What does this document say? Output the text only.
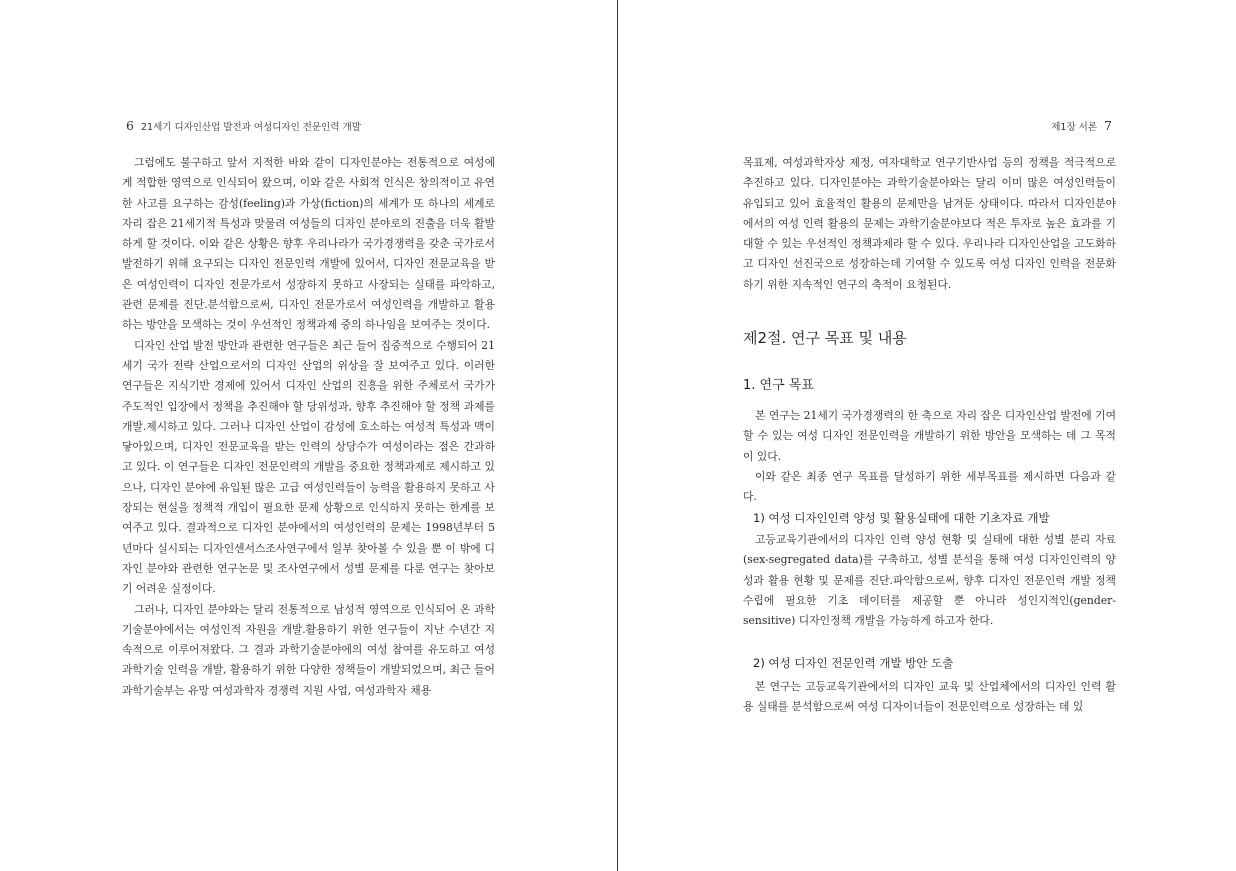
6 21세기 디자인산업 발전과 여성디자인 전문인력 개발

그럼에도 불구하고 앞서 지적한 바와 같이 디자인분야는 전통적으로 여성에게 적합한 영역으로 인식되어 왔으며, 이와 같은 사회적 인식은 창의적이고 유연한 사고를 요구하는 감성(feeling)과 가상(fiction)의 세계가 또 하나의 세계로 자리 잡은 21세기적 특성과 맞물려 여성들의 디자인 분야로의 진출을 더욱 활발하게 할 것이다. 이와 같은 상황은 향후 우리나라가 국가경쟁력을 갖춘 국가로서 발전하기 위해 요구되는 디자인 전문인력 개발에 있어서, 디자인 전문교육을 받은 여성인력이 디자인 전문가로서 성장하지 못하고 사장되는 실태를 파악하고, 관련 문제를 진단.분석함으로써, 디자인 전문가로서 여성인력을 개발하고 활용하는 방안을 모색하는 것이 우선적인 정책과제 중의 하나임을 보여주는 것이다.

디자인 산업 발전 방안과 관련한 연구들은 최근 들어 집중적으로 수행되어 21세기 국가 전략 산업으로서의 디자인 산업의 위상을 잘 보여주고 있다. 이러한 연구들은 지식기반 경제에 있어서 디자인 산업의 진흥을 위한 주체로서 국가가 주도적인 입장에서 정책을 추진해야 할 당위성과, 향후 추진해야 할 정책 과제를 개발.제시하고 있다. 그러나 디자인 산업이 감성에 호소하는 여성적 특성과 맥이 닿아있으며, 디자인 전문교육을 받는 인력의 상당수가 여성이라는 점은 간과하고 있다. 이 연구들은 디자인 전문인력의 개발을 중요한 정책과제로 제시하고 있으나, 디자인 분야에 유입된 많은 고급 여성인력들이 능력을 활용하지 못하고 사장되는 현실을 정책적 개입이 필요한 문제 상황으로 인식하지 못하는 한계를 보여주고 있다. 결과적으로 디자인 분야에서의 여성인력의 문제는 1998년부터 5년마다 실시되는 디자인센서스조사연구에서 일부 찾아볼 수 있을 뿐 이 밖에 디자인 분야와 관련한 연구논문 및 조사연구에서 성별 문제를 다룬 연구는 찾아보기 어려운 실정이다.

그러나, 디자인 분야와는 달리 전통적으로 남성적 영역으로 인식되어 온 과학기술분야에서는 여성인적 자원을 개발.활용하기 위한 연구들이 지난 수년간 지속적으로 이루어져왔다. 그 결과 과학기술분야에의 여성 참여를 유도하고 여성 과학기술 인력을 개발, 활용하기 위한 다양한 정책들이 개발되었으며, 최근 들어 과학기술부는 유망 여성과학자 경쟁력 지원 사업, 여성과학자 채용

제1장 서론 7

목표제, 여성과학자상 제정, 여자대학교 연구기반사업 등의 정책을 적극적으로 추진하고 있다. 디자인분야는 과학기술분야와는 달리 이미 많은 여성인력들이 유입되고 있어 효율적인 활용의 문제만을 남겨둔 상태이다. 따라서 디자인분야에서의 여성 인력 활용의 문제는 과학기술분야보다 적은 투자로 높은 효과를 기대할 수 있는 우선적인 정책과제라 할 수 있다. 우리나라 디자인산업을 고도화하고 디자인 선진국으로 성장하는데 기여할 수 있도록 여성 디자인 인력을 전문화하기 위한 지속적인 연구의 축적이 요청된다.

제2절. 연구 목표 및 내용
1. 연구 목표

본 연구는 21세기 국가경쟁력의 한 축으로 자리 잡은 디자인산업 발전에 기여할 수 있는 여성 디자인 전문인력을 개발하기 위한 방안을 모색하는 데 그 목적이 있다.

이와 같은 최종 연구 목표를 달성하기 위한 세부목표를 제시하면 다음과 같다.

1) 여성 디자인인력 양성 및 활용실태에 대한 기초자료 개발

고등교육기관에서의 디자인 인력 양성 현황 및 실태에 대한 성별 분리 자료(sex-segregated data)를 구축하고, 성별 분석을 통해 여성 디자인인력의 양성과 활용 현황 및 문제를 진단.파악함으로써, 향후 디자인 전문인력 개발 정책 수립에 필요한 기초 데이터를 제공할 뿐 아니라 성인지적인(gender-sensitive) 디자인정책 개발을 가능하게 하고자 한다.

2) 여성 디자인 전문인력 개발 방안 도출

본 연구는 고등교육기관에서의 디자인 교육 및 산업체에서의 디자인 인력 활용 실태를 분석함으로써 여성 디자이너들이 전문인력으로 성장하는 데 있
